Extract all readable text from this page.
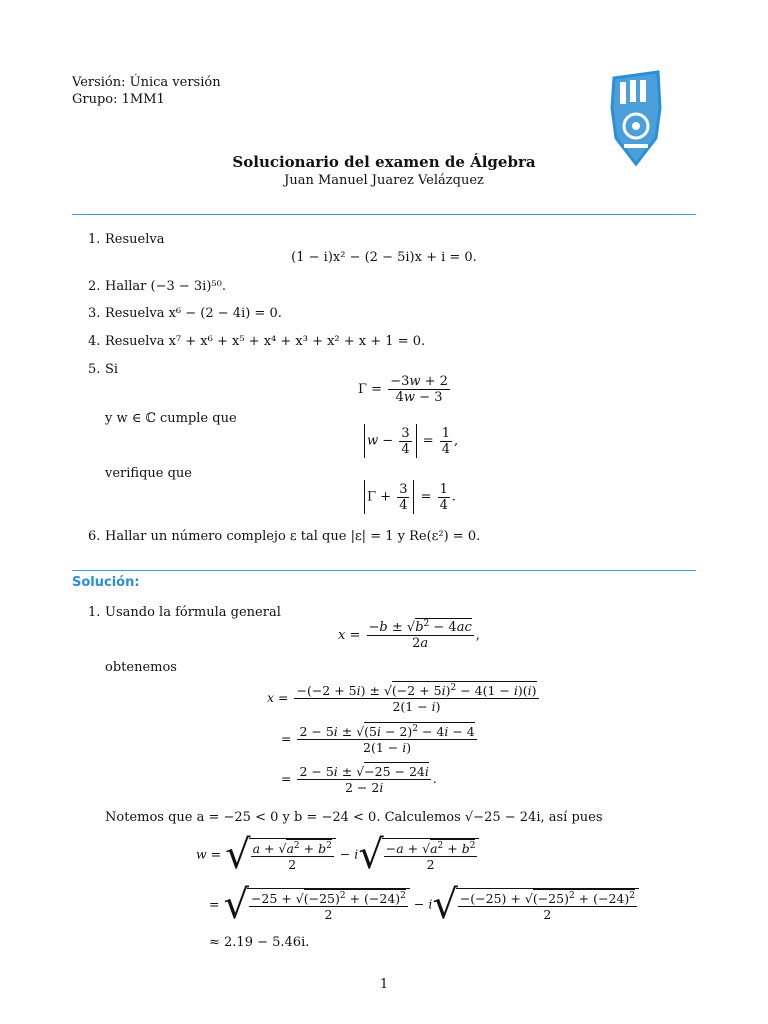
Versión: Única versión
Grupo: 1MM1
Solucionario del examen de Álgebra
Juan Manuel Juarez Velázquez
1. Resuelva
(1 − i)x² − (2 − 5i)x + i = 0.
2. Hallar (−3 − 3i)⁵⁰.
3. Resuelva x⁶ − (2 − 4i) = 0.
4. Resuelva x⁷ + x⁶ + x⁵ + x⁴ + x³ + x² + x + 1 = 0.
5. Si
$\Gamma = \frac{-3w + 2}{4w - 3}$
y w ∈ ℂ cumple que
$w - \frac{3}{4} = \frac{1}{4}$ ,
verifique que
$\Gamma + \frac{3}{4} = \frac{1}{4}$ .
6. Hallar un número complejo ε tal que |ε| = 1 y Re(ε²) = 0.
Solución:
1. Usando la fórmula general
$x = \frac{-b \pm √b^2 - 4ac}{2a}$ ,
obtenemos
$x = \frac{-(-2 + 5i) \pm √(-2 + 5i)^2 - 4(1 - i)(i)}{2(1 - i)}$
= $\frac{2 - 5i \pm √(5i - 2)^2 - 4i - 4}{2(1 - i)}$
= $\frac{2 - 5i \pm √-25 - 24i}{2 - 2i}$ .
Notemos que a = −25 < 0 y b = −24 < 0. Calculemos √−25 − 24i, así pues
w = √ $\frac{a + √a^2 + b^2}{2} - i√ \frac{-a + √a^2 + b^2}{2}$
= √ $\frac{-25 + √(-25)^2 + (-24)^2}{2} - i√ \frac{-(-25) + √(-25)^2 + (-24)^2}{2}$
≈ 2.19 − 5.46i.
1
